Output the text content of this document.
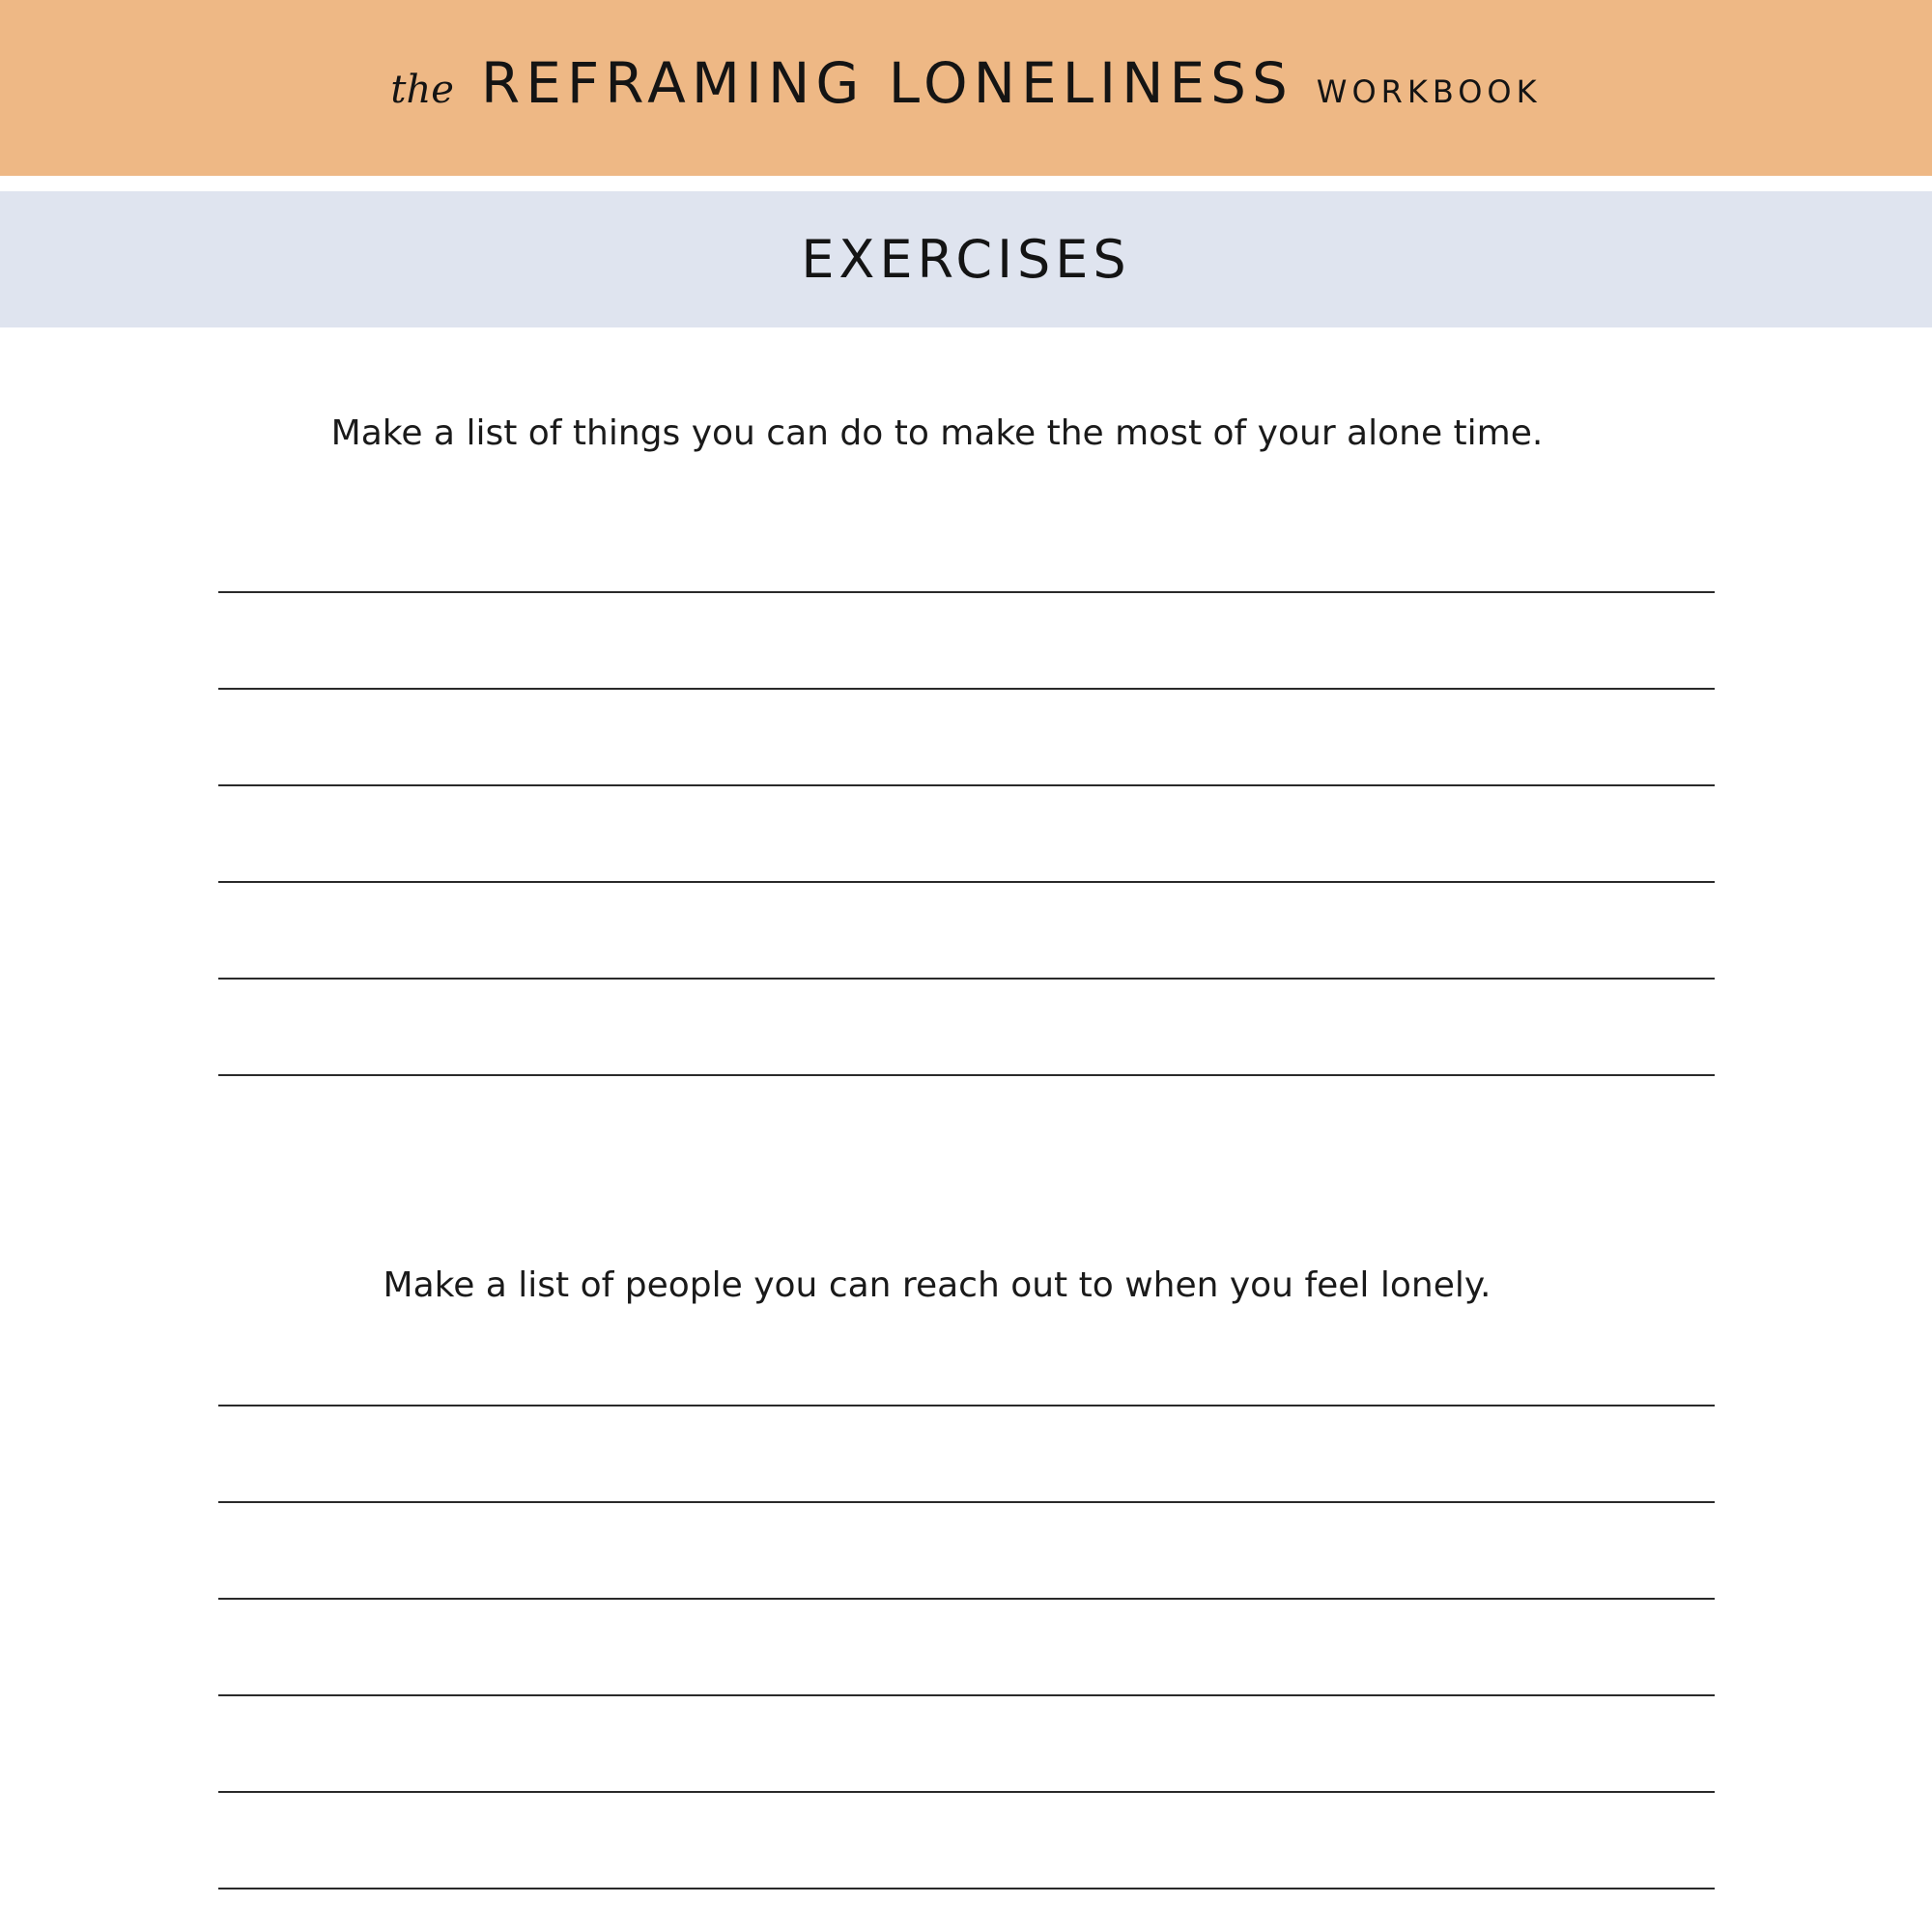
the REFRAMING LONELINESS WORKBOOK
EXERCISES
Make a list of things you can do to make the most of your alone time.
Make a list of people you can reach out to when you feel lonely.
